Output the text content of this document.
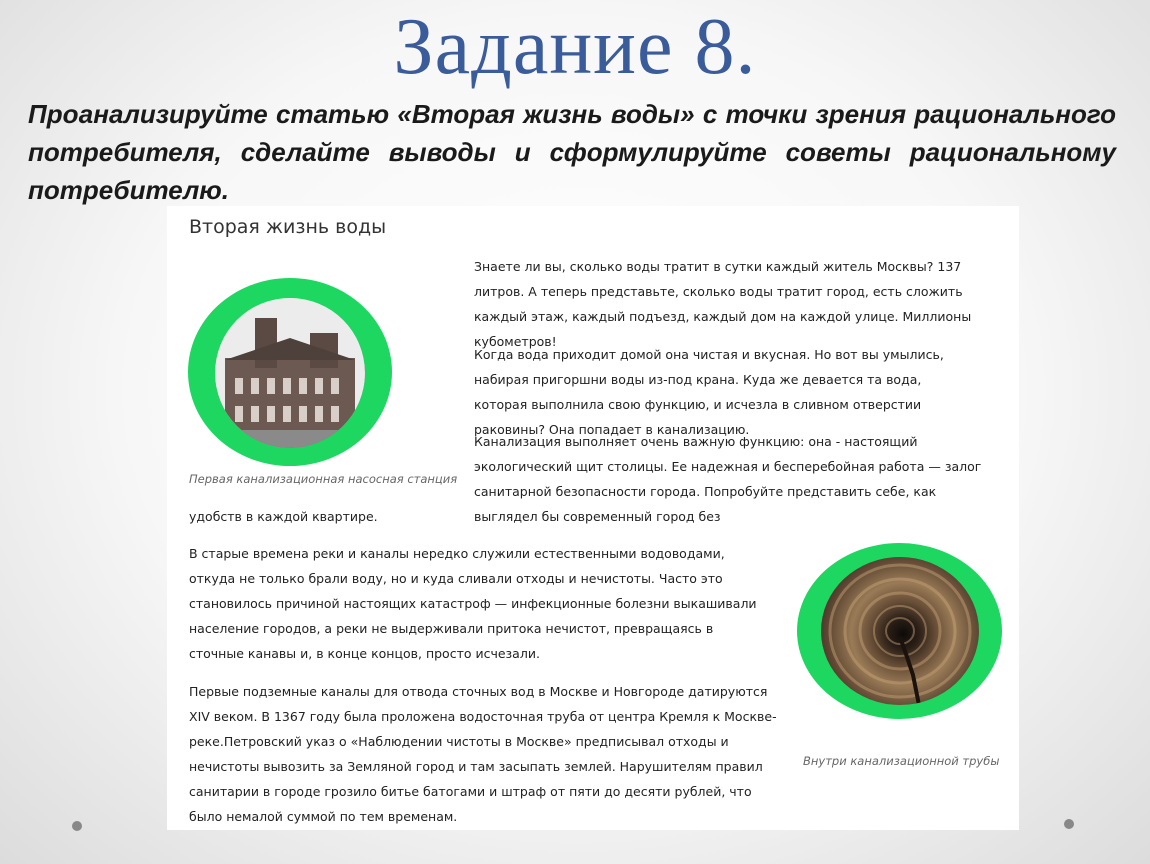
Задание 8.
Проанализируйте статью «Вторая жизнь воды» с точки зрения рационального потребителя, сделайте выводы и сформулируйте советы рациональному потребителю.
Вторая жизнь воды
Первая канализационная насосная станция
Знаете ли вы, сколько воды тратит в сутки каждый житель Москвы? 137 литров. А теперь представьте, сколько воды тратит город, есть сложить каждый этаж, каждый подъезд, каждый дом на каждой улице. Миллионы кубометров!
Когда вода приходит домой она чистая и вкусная. Но вот вы умылись, набирая пригоршни воды из-под крана. Куда же девается та вода, которая выполнила свою функцию, и исчезла в сливном отверстии раковины? Она попадает в канализацию.
Канализация выполняет очень важную функцию: она - настоящий экологический щит столицы. Ее надежная и бесперебойная работа — залог санитарной безопасности города. Попробуйте представить себе, как выглядел бы современный город без
удобств в каждой квартире.
В старые времена реки и каналы нередко служили естественными водоводами, откуда не только брали воду, но и куда сливали отходы и нечистоты. Часто это становилось причиной настоящих катастроф — инфекционные болезни выкашивали население городов, а реки не выдерживали притока нечистот, превращаясь в сточные канавы и, в конце концов, просто исчезали.
Первые подземные каналы для отвода сточных вод в Москве и Новгороде датируются XIV веком. В 1367 году была проложена водосточная труба от центра Кремля к Москве-реке.Петровский указ о «Наблюдении чистоты в Москве» предписывал отходы и нечистоты вывозить за Земляной город и там засыпать землей. Нарушителям правил санитарии в городе грозило битье батогами и штраф от пяти до десяти рублей, что было немалой суммой по тем временам.
Внутри канализационной трубы
